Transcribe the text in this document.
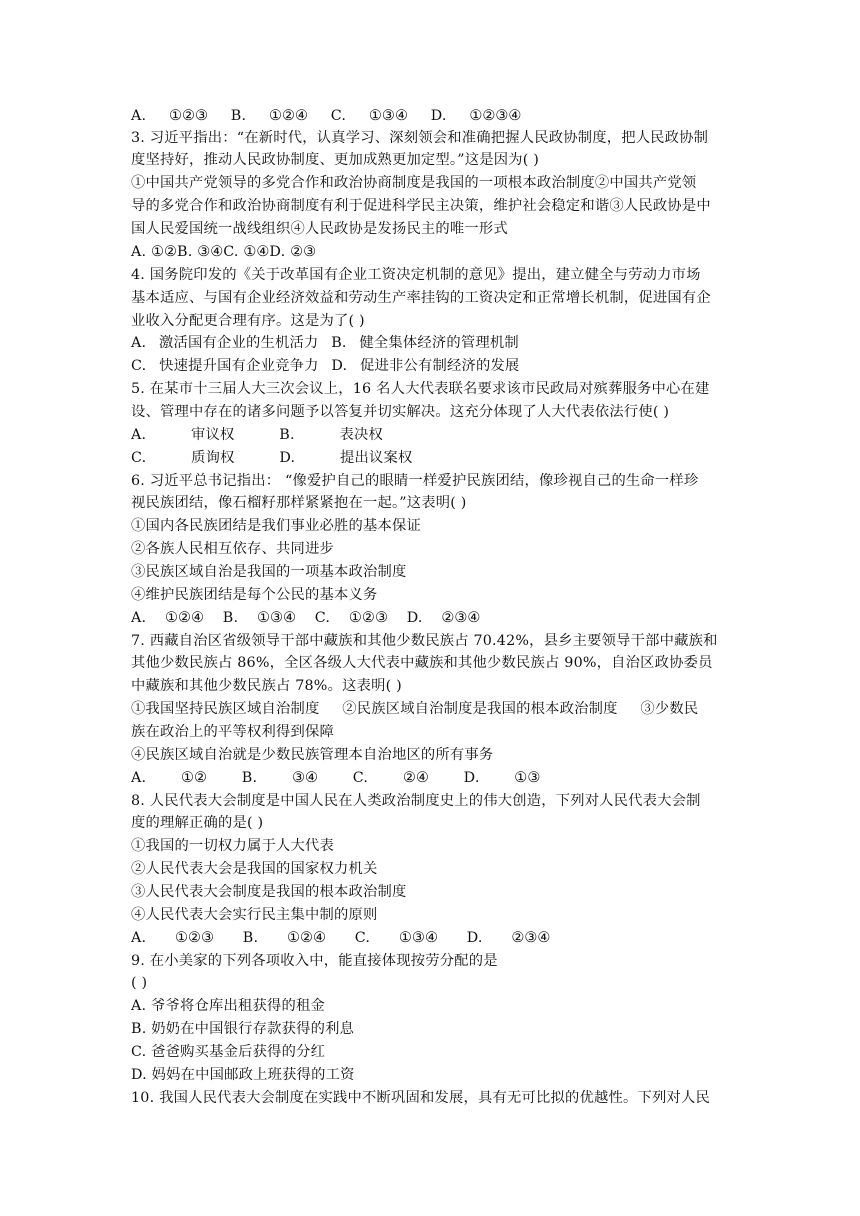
A. ①②③ B. ①②④ C. ①③④ D. ①②③④
3. 习近平指出：“在新时代，认真学习、深刻领会和准确把握人民政协制度，把人民政协制
度坚持好，推动人民政协制度、更加成熟更加定型。”这是因为( )
①中国共产党领导的多党合作和政治协商制度是我国的一项根本政治制度②中国共产党领
导的多党合作和政治协商制度有利于促进科学民主决策，维护社会稳定和谐③人民政协是中
国人民爱国统一战线组织④人民政协是发扬民主的唯一形式
A. ①②B. ③④C. ①④D. ②③
4. 国务院印发的《关于改革国有企业工资决定机制的意见》提出，建立健全与劳动力市场
基本适应、与国有企业经济效益和劳动生产率挂钩的工资决定和正常增长机制，促进国有企
业收入分配更合理有序。这是为了( )
A. 激活国有企业的生机活力 B. 健全集体经济的管理机制
C. 快速提升国有企业竞争力 D. 促进非公有制经济的发展
5. 在某市十三届人大三次会议上，16 名人大代表联名要求该市民政局对殡葬服务中心在建
设、管理中存在的诸多问题予以答复并切实解决。这充分体现了人大代表依法行使( )
A. 审议权 B. 表决权
C. 质询权 D. 提出议案权
6. 习近平总书记指出： “像爱护自己的眼睛一样爱护民族团结，像珍视自己的生命一样珍
视民族团结，像石榴籽那样紧紧抱在一起。”这表明( )
①国内各民族团结是我们事业必胜的基本保证
②各族人民相互依存、共同进步
③民族区域自治是我国的一项基本政治制度
④维护民族团结是每个公民的基本义务
A. ①②④ B. ①③④ C. ①②③ D. ②③④
7. 西藏自治区省级领导干部中藏族和其他少数民族占 70.42%，县乡主要领导干部中藏族和
其他少数民族占 86%，全区各级人大代表中藏族和其他少数民族占 90%，自治区政协委员
中藏族和其他少数民族占 78%。这表明( )
①我国坚持民族区域自治制度 ②民族区域自治制度是我国的根本政治制度 ③少数民
族在政治上的平等权利得到保障
④民族区域自治就是少数民族管理本自治地区的所有事务
A. ①② B. ③④ C. ②④ D. ①③
8. 人民代表大会制度是中国人民在人类政治制度史上的伟大创造，下列对人民代表大会制
度的理解正确的是( )
①我国的一切权力属于人大代表
②人民代表大会是我国的国家权力机关
③人民代表大会制度是我国的根本政治制度
④人民代表大会实行民主集中制的原则
A. ①②③ B. ①②④ C. ①③④ D. ②③④
9. 在小美家的下列各项收入中，能直接体现按劳分配的是
( )
A. 爷爷将仓库出租获得的租金
B. 奶奶在中国银行存款获得的利息
C. 爸爸购买基金后获得的分红
D. 妈妈在中国邮政上班获得的工资
10. 我国人民代表大会制度在实践中不断巩固和发展，具有无可比拟的优越性。下列对人民
